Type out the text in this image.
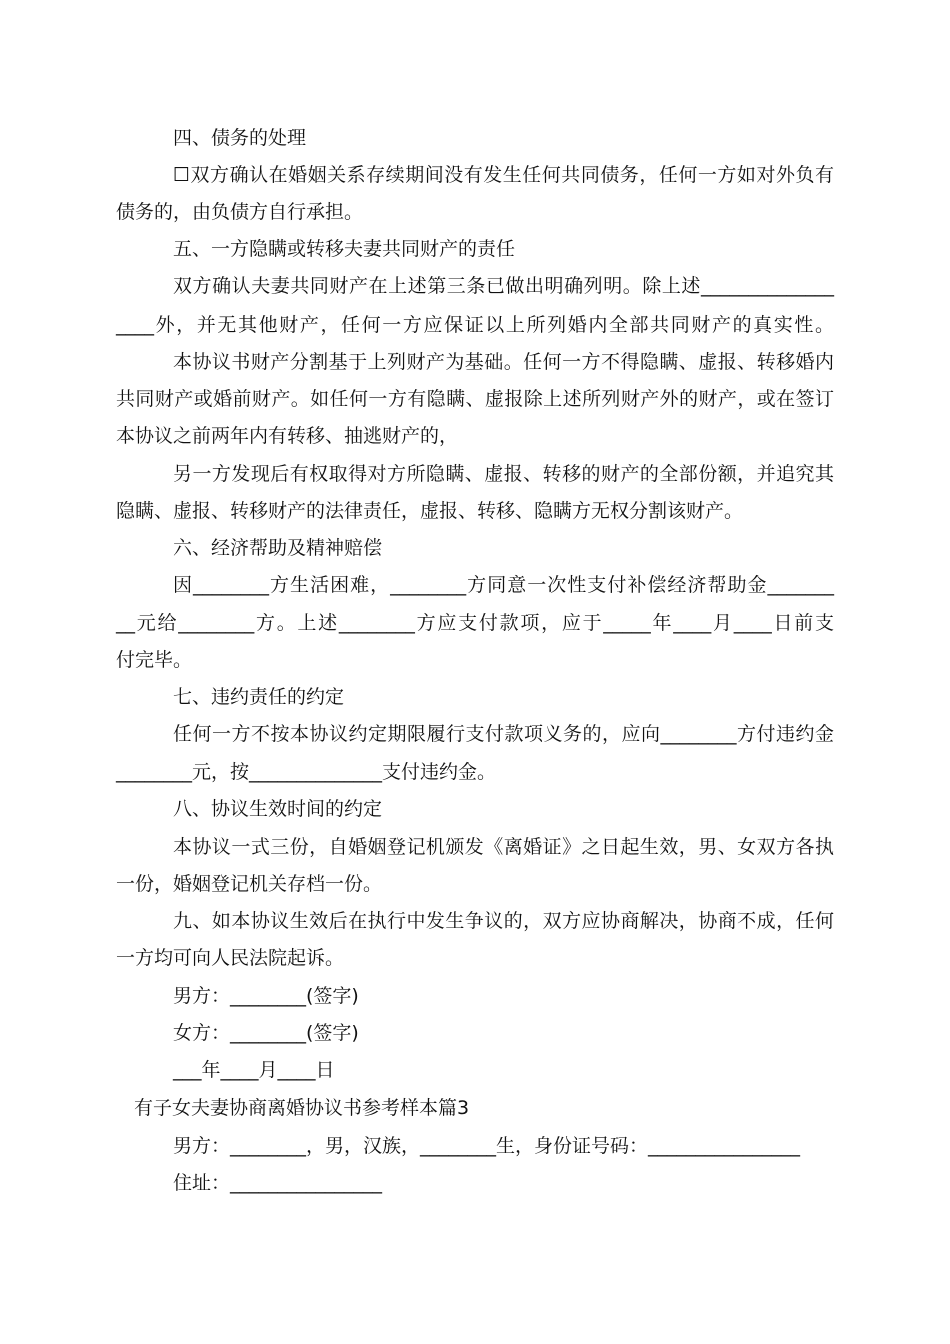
四、债务的处理
☐双方确认在婚姻关系存续期间没有发生任何共同债务，任何一方如对外负有
债务的，由负债方自行承担。
五、一方隐瞒或转移夫妻共同财产的责任
双方确认夫妻共同财产在上述第三条已做出明确列明。除上述______________
____外，并无其他财产，任何一方应保证以上所列婚内全部共同财产的真实性。
本协议书财产分割基于上列财产为基础。任何一方不得隐瞒、虚报、转移婚内
共同财产或婚前财产。如任何一方有隐瞒、虚报除上述所列财产外的财产，或在签订
本协议之前两年内有转移、抽逃财产的，
另一方发现后有权取得对方所隐瞒、虚报、转移的财产的全部份额，并追究其
隐瞒、虚报、转移财产的法律责任，虚报、转移、隐瞒方无权分割该财产。
六、经济帮助及精神赔偿
因________方生活困难，________方同意一次性支付补偿经济帮助金_______
__元给________方。上述________方应支付款项，应于_____年____月____日前支
付完毕。
七、违约责任的约定
任何一方不按本协议约定期限履行支付款项义务的，应向________方付违约金
________元，按______________支付违约金。
八、协议生效时间的约定
本协议一式三份，自婚姻登记机颁发《离婚证》之日起生效，男、女双方各执
一份，婚姻登记机关存档一份。
九、如本协议生效后在执行中发生争议的，双方应协商解决，协商不成，任何
一方均可向人民法院起诉。
男方：________(签字)
女方：________(签字)
___年____月____日
有子女夫妻协商离婚协议书参考样本篇3
男方：________，男，汉族，________生，身份证号码：________________
住址：________________
